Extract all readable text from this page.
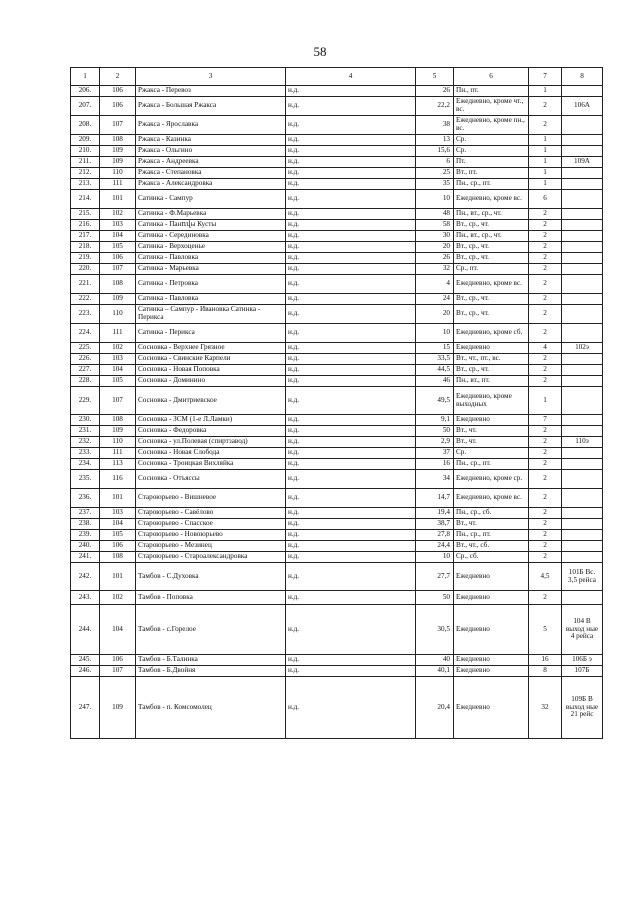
58
1	2	3	4	5	6	7	8
206.	106	Ржакса - Перевоз	н.д.	26	Пн., пт.	1	
207.	106	Ржакса - Большая Ржакса	н.д.	22,2	Ежедневно, кроме чт., вс.	2	106А
208.	107	Ржакса - Ярославка	н.д.	38	Ежедневно, кроме пн., вс.	2	
209.	108	Ржакса - Казинка	н.д.	13	Ср.	1	
210.	109	Ржакса - Ольгино	н.д.	15,6	Ср.	1	
211.	109	Ржакса - Андреевка	н.д.	6	Пт.	1	109А
212.	110	Ржакса - Степановка	н.д.	25	Вт., пт.	1	
213.	111	Ржакса - Александровка	н.д.	35	Пн., ср., пт.	1	
214.	101	Сатинка - Сампур	н.д.	10	Ежедневно, кроме вс.	6	
215.	102	Сатинка - Ф.Марьевка	н.д.	48	Пн., вт., ср., чт.	2	
216.	103	Сатинка - Панովы Кусты	н.д.	58	Вт., ср., чт.	2	
217.	104	Сатинка - Серединовка	н.д.	30	Пн., вт., ср., чт.	2	
218.	105	Сатинка - Верхоценье	н.д.	20	Вт., ср., чт.	2	
219.	106	Сатинка - Павловка	н.д.	26	Вт., ср., чт.	2	
220.	107	Сатинка - Марьевка	н.д.	32	Ср., пт.	2	
221.	108	Сатинка - Петровка	н.д.	4	Ежедневно, кроме вс.	2	
222.	109	Сатинка - Павловка	н.д.	24	Вт., ср., чт.	2	
223.	110	Сатинка – Сампур - Ивановка Сатинка - Перикса	н.д.	20	Вт., ср., чт.	2	
224.	111	Сатинка - Перикса	н.д.	10	Ежедневно, кроме сб.	2	
225.	102	Сосновка - Верхнее Грязное	н.д.	15	Ежедневно	4	102э
226.	103	Сосновка - Свинские Карпели	н.д.	33,5	Вт., чт., пт., вс.	2	
227.	104	Сосновка - Новая Поповка	н.д.	44,5	Вт., ср., чт.	2	
228.	105	Сосновка - Доминино	н.д.	46	Пн., вт., пт.	2	
229.	107	Сосновка - Дмитриевское	н.д.	49,5	Ежедневно, кроме выходных	1	
230.	108	Сосновка - ЗСМ (1-е Л.Ламки)	н.д.	9,1	Ежедневно	7	
231.	109	Сосновка - Федоровка	н.д.	50	Вт., чт.	2	
232.	110	Сосновка - ул.Полевая (спиртзавод)	н.д.	2,9	Вт., чт.	2	110э
233.	111	Сосновка - Новая Слобода	н.д.	37	Ср.	2	
234.	113	Сосновка - Троицкая Вихляйка	н.д.	16	Пн., ср., пт.	2	
235.	116	Сосновка - Отъяссы	н.д.	34	Ежедневно, кроме ср.	2	
236.	101	Староюрьево - Вишневое	н.д.	14,7	Ежедневно, кроме вс.	2	
237.	103	Староюрьево - Савёлово	н.д.	19,4	Пн., ср., сб.	2	
238.	104	Староюрьево - Спасское	н.д.	38,7	Вт., чт.	2	
239.	105	Староюрьево - Новоюрьево	н.д.	27,8	Пн., ср., пт.	2	
240.	106	Староюрьево - Мезинец	н.д.	24,4	Вт., чт., сб.	2	
241.	108	Староюрьево - Староалександровка	н.д.	10	Ср., сб.	2	
242.	101	Тамбов - С.Духовка	н.д.	27,7	Ежедневно	4,5	101Б Вс. 3,5 рейса
243.	102	Тамбов - Поповка	н.д.	50	Ежедневно	2	
244.	104	Тамбов - с.Горелое	н.д.	30,5	Ежедневно	5	104 В выход ные 4 рейса
245.	106	Тамбов - Б.Талинка	н.д.	40	Ежедневно	16	106Б э
246.	107	Тамбов - Б.Двойня	н.д.	40,1	Ежедневно	8	107Б
247.	109	Тамбов - п. Комсомолец	н.д.	20,4	Ежедневно	32	109Б В выход ные 21 рейс
